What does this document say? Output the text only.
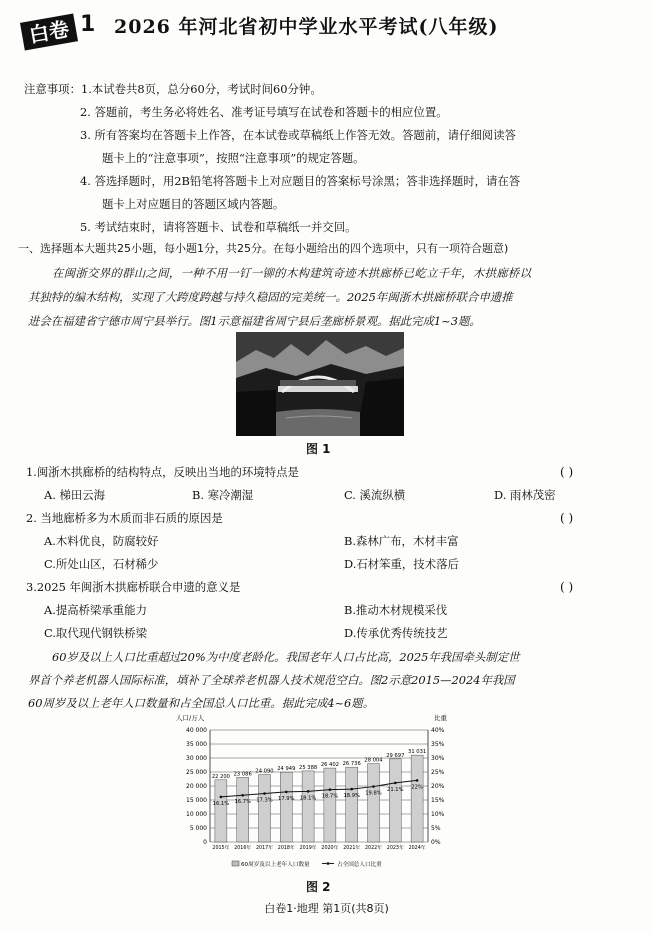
白卷 1 2026 年河北省初中学业水平考试(八年级)
注意事项：1.本试卷共8页，总分60分，考试时间60分钟。
2. 答题前，考生务必将姓名、准考证号填写在试卷和答题卡的相应位置。
3. 所有答案均在答题卡上作答，在本试卷或草稿纸上作答无效。答题前，请仔细阅读答
题卡上的“注意事项”，按照“注意事项”的规定答题。
4. 答选择题时，用2B铅笔将答题卡上对应题目的答案标号涂黑；答非选择题时，请在答
题卡上对应题目的答题区域内答题。
5. 考试结束时，请将答题卡、试卷和草稿纸一并交回。
一、选择题本大题共25小题，每小题1分，共25分。在每小题给出的四个选项中，只有一项符合题意)
在闽浙交界的群山之间，一种不用一钉一铆的木构建筑奇迹木拱廊桥已屹立千年，木拱廊桥以
其独特的编木结构，实现了大跨度跨越与持久稳固的完美统一。2025年闽浙木拱廊桥联合申遗推
进会在福建省宁德市周宁县举行。图1示意福建省周宁县后垄廊桥景观。据此完成1~3题。
图 1
1.闽浙木拱廊桥的结构特点，反映出当地的环境特点是	( )
A. 梯田云海	B. 寒冷潮湿	C. 溪流纵横	D. 雨林茂密
2. 当地廊桥多为木质而非石质的原因是	( )
A.木料优良，防腐较好	B.森林广布，木材丰富
C.所处山区，石材稀少	D.石材笨重，技术落后
3.2025 年闽浙木拱廊桥联合申遗的意义是	( )
A.提高桥梁承重能力	B.推动木材规模采伐
C.取代现代钢铁桥梁	D.传承优秀传统技艺
60岁及以上人口比重超过20%为中度老龄化。我国老年人口占比高，2025年我国牵头制定世
界首个养老机器人国际标准，填补了全球养老机器人技术规范空白。图2示意2015—2024年我国
60周岁及以上老年人口数量和占全国总人口比重。据此完成4~6题。
人口/万人	比重
0
5 000
10 000
15 000
20 000
25 000
30 000
35 000
40 000
0%
5%
10%
15%
20%
25%
30%
35%
40%
22 200 23 086 24 090 24 949 25 388 26 402 26 736
28 004
29 697
31 031
16.1% 16.7% 17.3% 17.9% 18.1% 18.7% 18.9% 19.8%
21.1% 22%
2015年 2016年 2017年 2018年 2019年 2020年 2021年 2022年 2023年 2024年
60周岁及以上老年人口数量	占全国总人口比重
图 2
白卷1·地理 第1页(共8页)
